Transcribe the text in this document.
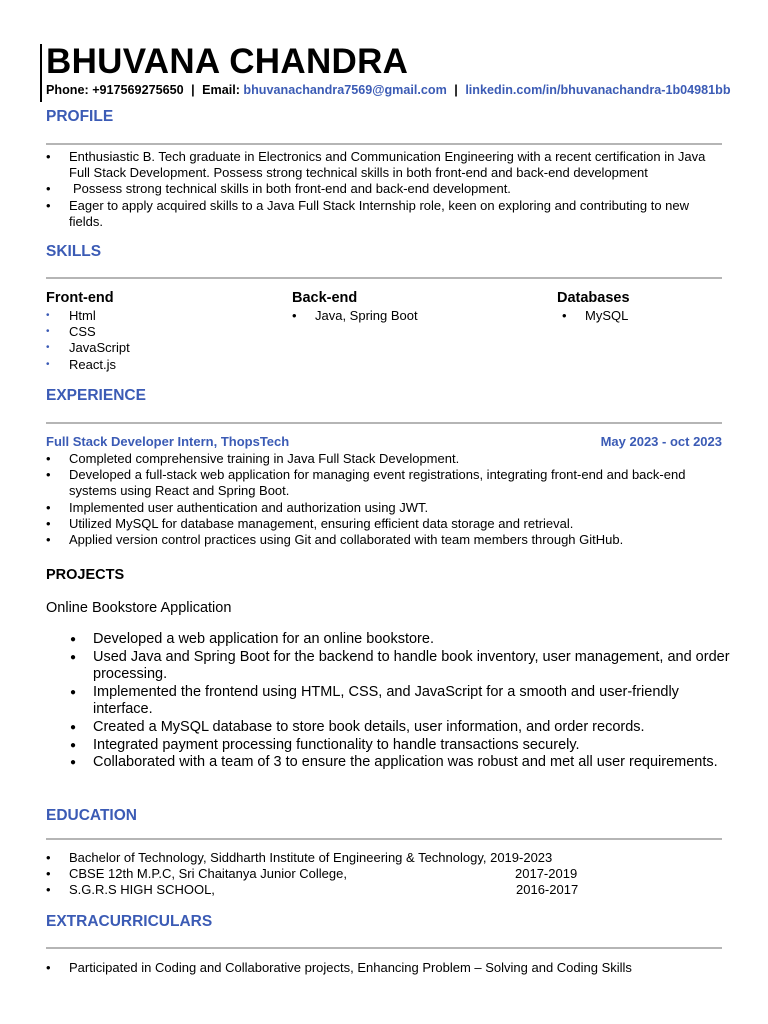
BHUVANA CHANDRA
Phone: +917569275650 | Email: bhuvanachandra7569@gmail.com | linkedin.com/in/bhuvanachandra-1b04981bb
PROFILE
• Enthusiastic B. Tech graduate in Electronics and Communication Engineering with a recent certification in Java Full Stack Development. Possess strong technical skills in both front-end and back-end development
• Possess strong technical skills in both front-end and back-end development.
• Eager to apply acquired skills to a Java Full Stack Internship role, keen on exploring and contributing to new fields.
SKILLS
Front-end
• Html
• CSS
• JavaScript
• React.js
Back-end
• Java, Spring Boot
Databases
• MySQL
EXPERIENCE
Full Stack Developer Intern, ThopsTech	May 2023 - oct 2023
• Completed comprehensive training in Java Full Stack Development.
• Developed a full-stack web application for managing event registrations, integrating front-end and back-end systems using React and Spring Boot.
• Implemented user authentication and authorization using JWT.
• Utilized MySQL for database management, ensuring efficient data storage and retrieval.
• Applied version control practices using Git and collaborated with team members through GitHub.
PROJECTS
Online Bookstore Application
● Developed a web application for an online bookstore.
● Used Java and Spring Boot for the backend to handle book inventory, user management, and order processing.
● Implemented the frontend using HTML, CSS, and JavaScript for a smooth and user-friendly interface.
● Created a MySQL database to store book details, user information, and order records.
● Integrated payment processing functionality to handle transactions securely.
● Collaborated with a team of 3 to ensure the application was robust and met all user requirements.
EDUCATION
• Bachelor of Technology, Siddharth Institute of Engineering & Technology, 2019-2023
• CBSE 12th M.P.C, Sri Chaitanya Junior College,	2017-2019
• S.G.R.S HIGH SCHOOL,	2016-2017
EXTRACURRICULARS
• Participated in Coding and Collaborative projects, Enhancing Problem – Solving and Coding Skills
